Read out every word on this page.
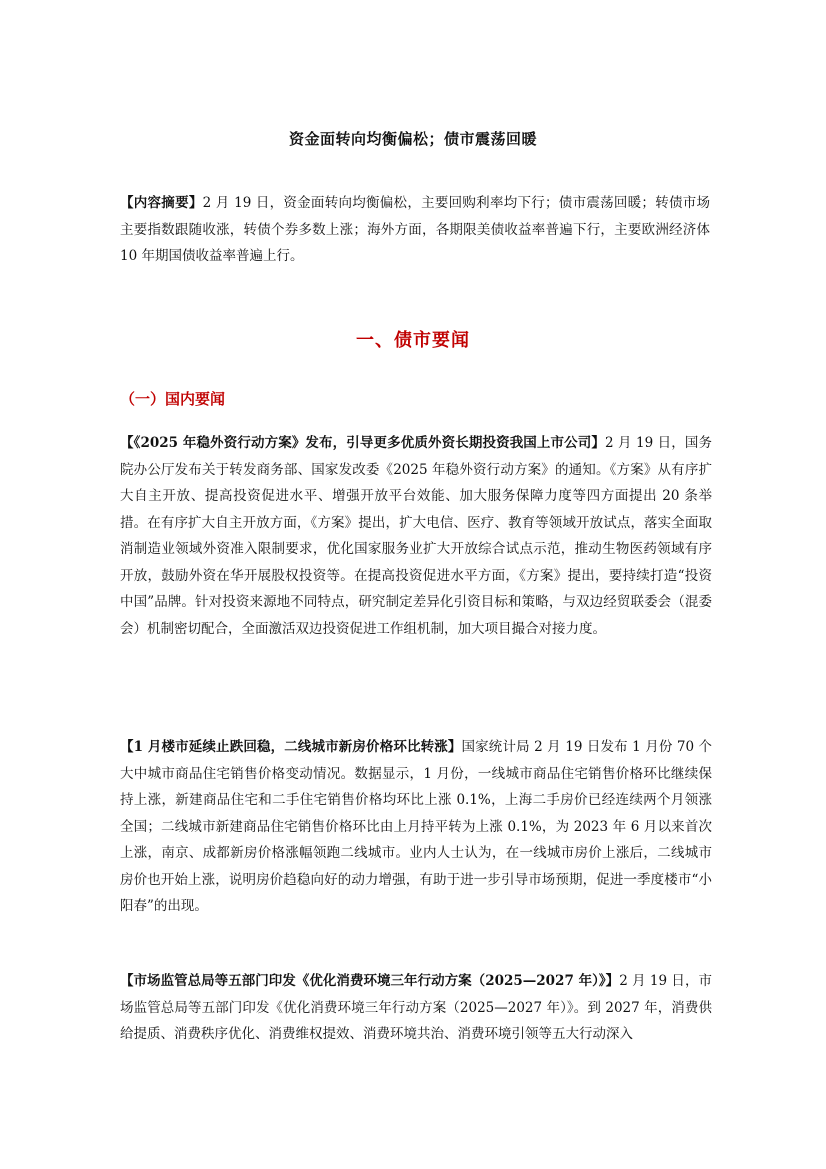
资金面转向均衡偏松；债市震荡回暖
【内容摘要】2 月 19 日，资金面转向均衡偏松，主要回购利率均下行；债市震荡回暖；转债市场主要指数跟随收涨，转债个券多数上涨；海外方面，各期限美债收益率普遍下行，主要欧洲经济体 10 年期国债收益率普遍上行。
一、债市要闻
（一）国内要闻
【《2025 年稳外资行动方案》发布，引导更多优质外资长期投资我国上市公司】2 月 19 日，国务院办公厅发布关于转发商务部、国家发改委《2025 年稳外资行动方案》的通知。《方案》从有序扩大自主开放、提高投资促进水平、增强开放平台效能、加大服务保障力度等四方面提出 20 条举措。在有序扩大自主开放方面，《方案》提出，扩大电信、医疗、教育等领域开放试点，落实全面取消制造业领域外资准入限制要求，优化国家服务业扩大开放综合试点示范，推动生物医药领域有序开放，鼓励外资在华开展股权投资等。在提高投资促进水平方面，《方案》提出，要持续打造“投资中国”品牌。针对投资来源地不同特点，研究制定差异化引资目标和策略，与双边经贸联委会（混委会）机制密切配合，全面激活双边投资促进工作组机制，加大项目撮合对接力度。
【1 月楼市延续止跌回稳，二线城市新房价格环比转涨】国家统计局 2 月 19 日发布 1 月份 70 个大中城市商品住宅销售价格变动情况。数据显示，1 月份，一线城市商品住宅销售价格环比继续保持上涨，新建商品住宅和二手住宅销售价格均环比上涨 0.1%，上海二手房价已经连续两个月领涨全国；二线城市新建商品住宅销售价格环比由上月持平转为上涨 0.1%，为 2023 年 6 月以来首次上涨，南京、成都新房价格涨幅领跑二线城市。业内人士认为，在一线城市房价上涨后，二线城市房价也开始上涨，说明房价趋稳向好的动力增强，有助于进一步引导市场预期，促进一季度楼市“小阳春”的出现。
【市场监管总局等五部门印发《优化消费环境三年行动方案（2025—2027 年）》】2 月 19 日，市场监管总局等五部门印发《优化消费环境三年行动方案（2025—2027 年）》。到 2027 年，消费供给提质、消费秩序优化、消费维权提效、消费环境共治、消费环境引领等五大行动深入
